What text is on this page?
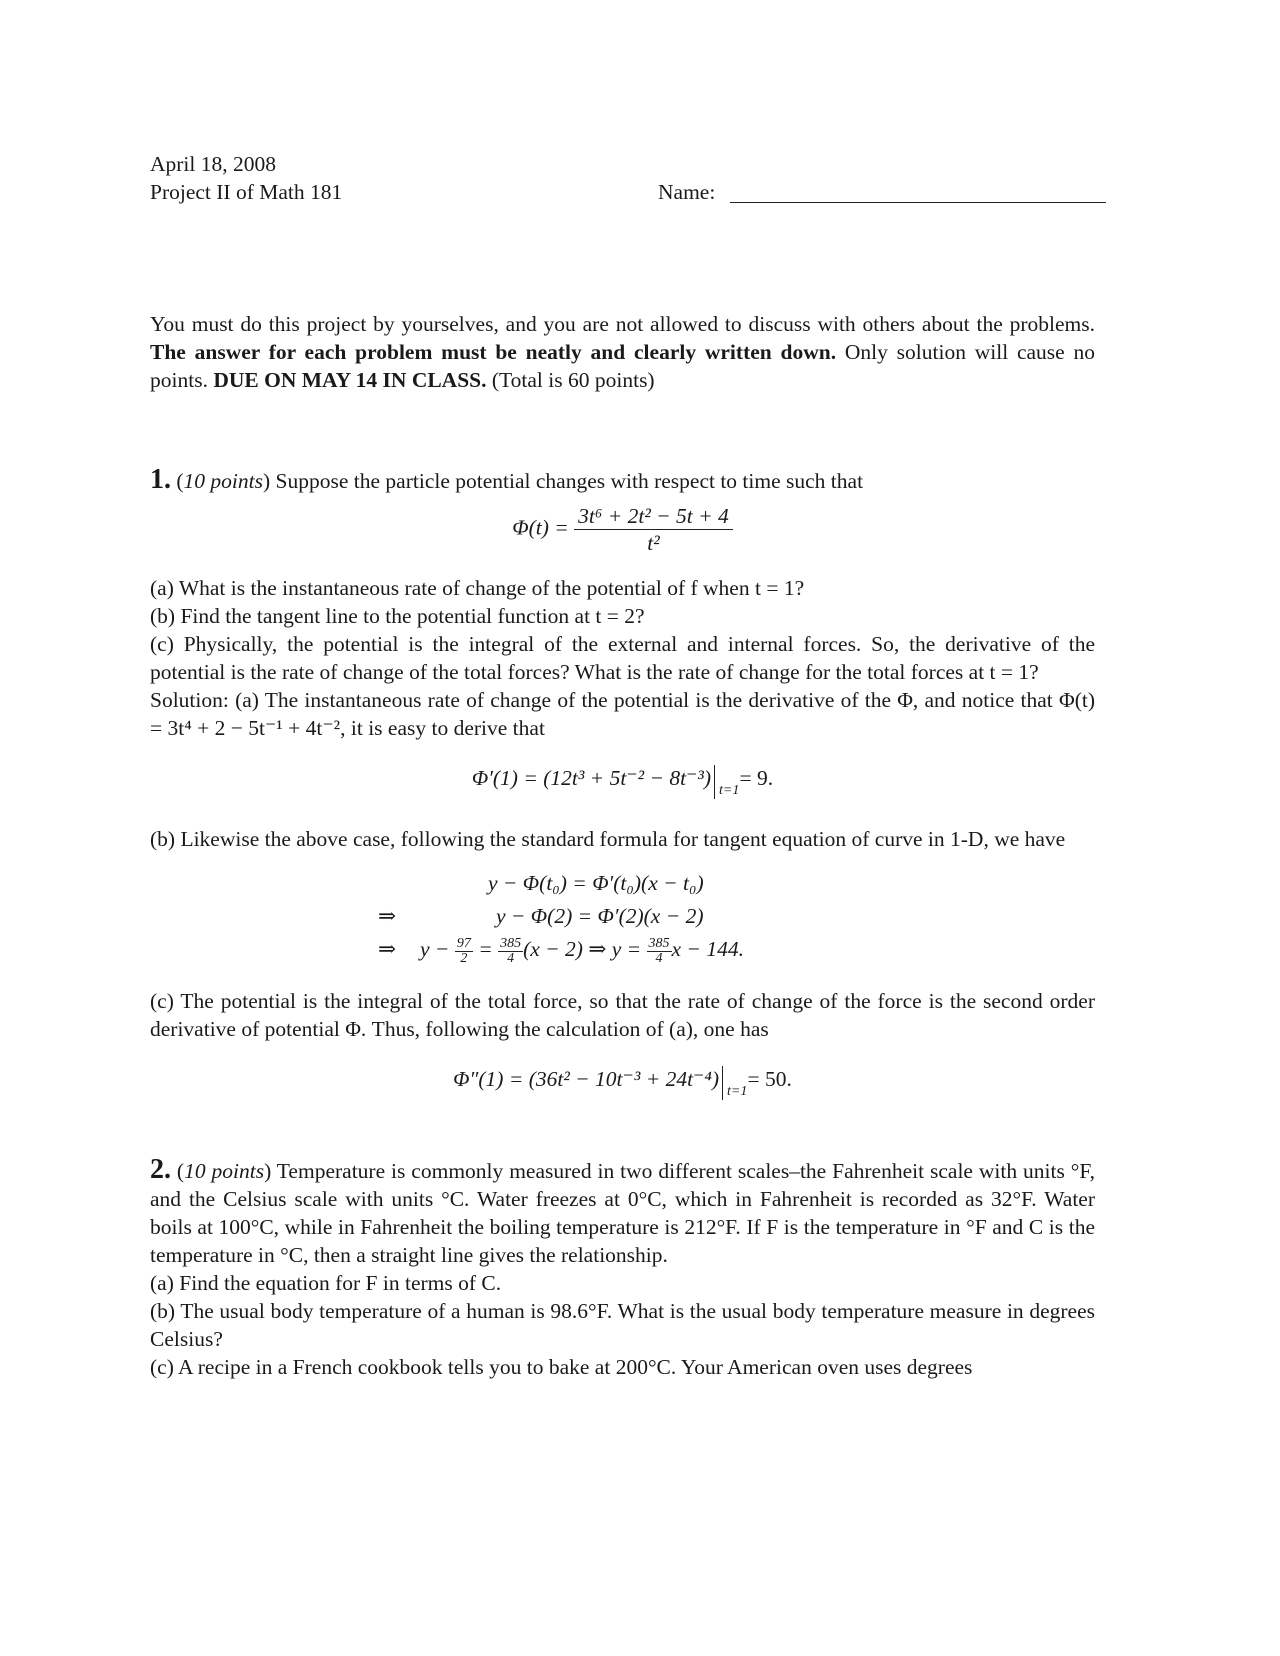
April 18, 2008
Project II of Math 181	Name:

You must do this project by yourselves, and you are not allowed to discuss with others about the problems. The answer for each problem must be neatly and clearly written down. Only solution will cause no points. DUE ON MAY 14 IN CLASS. (Total is 60 points)

1. (10 points) Suppose the particle potential changes with respect to time such that

$\Phi(t) = \frac{\text{3t⁶ + 2t² − 5t + 4}}{\text{t²}}$

(a) What is the instantaneous rate of change of the potential of f when t = 1?

(b) Find the tangent line to the potential function at t = 2?

(c) Physically, the potential is the integral of the external and internal forces. So, the derivative of the potential is the rate of change of the total forces? What is the rate of change for the total forces at t = 1?

Solution: (a) The instantaneous rate of change of the potential is the derivative of the Φ, and notice that Φ(t) = 3t⁴ + 2 − 5t⁻¹ + 4t⁻², it is easy to derive that

Φ′(1) = (12t³ + 5t⁻² − 8t⁻³)
t=1
= 9.

(b) Likewise the above case, following the standard formula for tangent equation of curve in 1-D, we have

y − Φ(t₀) = Φ′(t₀)(x − t₀)
⇒	y − Φ(2) = Φ′(2)(x − 2)
⇒ $y - \frac{97}{2} = \frac{385}{4} (x - 2)$ ⇒ $y = \frac{385}{4}$ x − 144.

(c) The potential is the integral of the total force, so that the rate of change of the force is the second order derivative of potential Φ. Thus, following the calculation of (a), one has

Φ″(1) = (36t² − 10t⁻³ + 24t⁻⁴)
t=1
= 50.

2. (10 points) Temperature is commonly measured in two different scales–the Fahrenheit scale with units °F, and the Celsius scale with units °C. Water freezes at 0°C, which in Fahrenheit is recorded as 32°F. Water boils at 100°C, while in Fahrenheit the boiling temperature is 212°F. If F is the temperature in °F and C is the temperature in °C, then a straight line gives the relationship.

(a) Find the equation for F in terms of C.

(b) The usual body temperature of a human is 98.6°F. What is the usual body temperature measure in degrees Celsius?

(c) A recipe in a French cookbook tells you to bake at 200°C. Your American oven uses degrees
